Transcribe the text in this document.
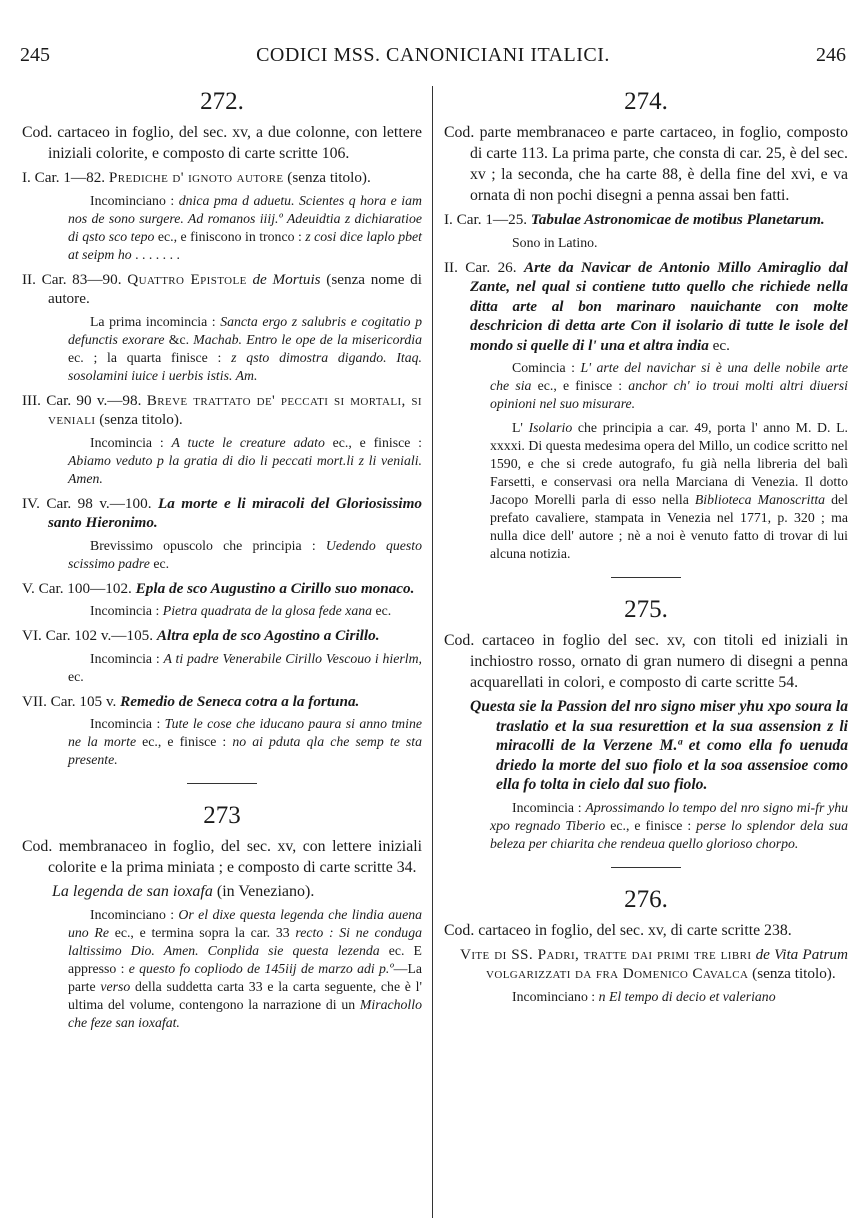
245	CODICI MSS. CANONICIANI ITALICI.	246
272.

Cod. cartaceo in foglio, del sec. xv, a due colonne, con lettere iniziali colorite, e composto di carte scritte 106.

I. Car. 1—82. Prediche d' ignoto autore (senza titolo).

Incominciano : dnica pma d aduetu. Scientes q hora e iam nos de sono surgere. Ad romanos iiij.º Adeuidtia z dichiaratioe di qsto sco tepo ec., e finiscono in tronco : z cosi dice laplo pbet at seipm ho . . . . . . .

II. Car. 83—90. Quattro Epistole de Mortuis (senza nome di autore.

La prima incomincia : Sancta ergo z salubris e cogitatio p defunctis exorare &c. Machab. Entro le ope de la misericordia ec. ; la quarta finisce : z qsto dimostra digando. Itaq. sosolamini iuice i uerbis istis. Am.

III. Car. 90 v.—98. Breve trattato de' peccati si mortali, si veniali (senza titolo).

Incomincia : A tucte le creature adato ec., e finisce : Abiamo veduto p la gratia di dio li peccati mort.li z li veniali. Amen.

IV. Car. 98 v.—100. La morte e li miracoli del Gloriosissimo santo Hieronimo.

Brevissimo opuscolo che principia : Uedendo questo scissimo padre ec.

V. Car. 100—102. Epla de sco Augustino a Cirillo suo monaco.

Incomincia : Pietra quadrata de la glosa fede xana ec.

VI. Car. 102 v.—105. Altra epla de sco Agostino a Cirillo.

Incomincia : A ti padre Venerabile Cirillo Vescouo i hierlm, ec.

VII. Car. 105 v. Remedio de Seneca cotra a la fortuna.

Incomincia : Tute le cose che iducano paura si anno tmine ne la morte ec., e finisce : no ai pduta qla che semp te sta presente.

273

Cod. membranaceo in foglio, del sec. xv, con lettere iniziali colorite e la prima miniata ; e composto di carte scritte 34.

La legenda de san ioxafa (in Veneziano).

Incominciano : Or el dixe questa legenda che lindia auena uno Re ec., e termina sopra la car. 33 recto : Si ne conduga laltissimo Dio. Amen. Conplida sie questa lezenda ec. E appresso : e questo fo copliodo de 145iij de marzo adi p.º—La parte verso della suddetta carta 33 e la carta seguente, che è l' ultima del volume, contengono la narrazione di un Mirachollo che feze san ioxafat.

274.

Cod. parte membranaceo e parte cartaceo, in foglio, composto di carte 113. La prima parte, che consta di car. 25, è del sec. xv ; la seconda, che ha carte 88, è della fine del xvi, e va ornata di non pochi disegni a penna assai ben fatti.

I. Car. 1—25. Tabulae Astronomicae de motibus Planetarum.

Sono in Latino.

II. Car. 26. Arte da Navicar de Antonio Millo Amiraglio dal Zante, nel qual si contiene tutto quello che richiede nella ditta arte al bon marinaro nauichante con molte deschricion di detta arte Con il isolario di tutte le isole del mondo si quelle di l' una et altra india ec.

Comincia : L' arte del navichar si è una delle nobile arte che sia ec., e finisce : anchor ch' io troui molti altri diuersi opinioni nel suo misurare.

L' Isolario che principia a car. 49, porta l' anno M. D. L. xxxxi. Di questa medesima opera del Millo, un codice scritto nel 1590, e che si crede autografo, fu già nella libreria del balì Farsetti, e conservasi ora nella Marciana di Venezia. Il dotto Jacopo Morelli parla di esso nella Biblioteca Manoscritta del prefato cavaliere, stampata in Venezia nel 1771, p. 320 ; ma nulla dice dell' autore ; nè a noi è venuto fatto di trovar di lui alcuna notizia.

275.

Cod. cartaceo in foglio del sec. xv, con titoli ed iniziali in inchiostro rosso, ornato di gran numero di disegni a penna acquarellati in colori, e composto di carte scritte 54.

Questa sie la Passion del nro signo miser yhu xpo soura la traslatio et la sua resurettion et la sua assension z li miracolli de la Verzene M.ª et como ella fo uenuda driedo la morte del suo fiolo et la soa assensioe como ella fo tolta in cielo dal suo fiolo.

Incomincia : Aprossimando lo tempo del nro signo mi-fr yhu xpo regnado Tiberio ec., e finisce : perse lo splendor dela sua beleza per chiarita che rendeua quello glorioso chorpo.

276.

Cod. cartaceo in foglio, del sec. xv, di carte scritte 238.

Vite di SS. Padri, tratte dai primi tre libri de Vita Patrum volgarizzati da fra Domenico Cavalca (senza titolo).

Incominciano : n El tempo di decio et valeriano
